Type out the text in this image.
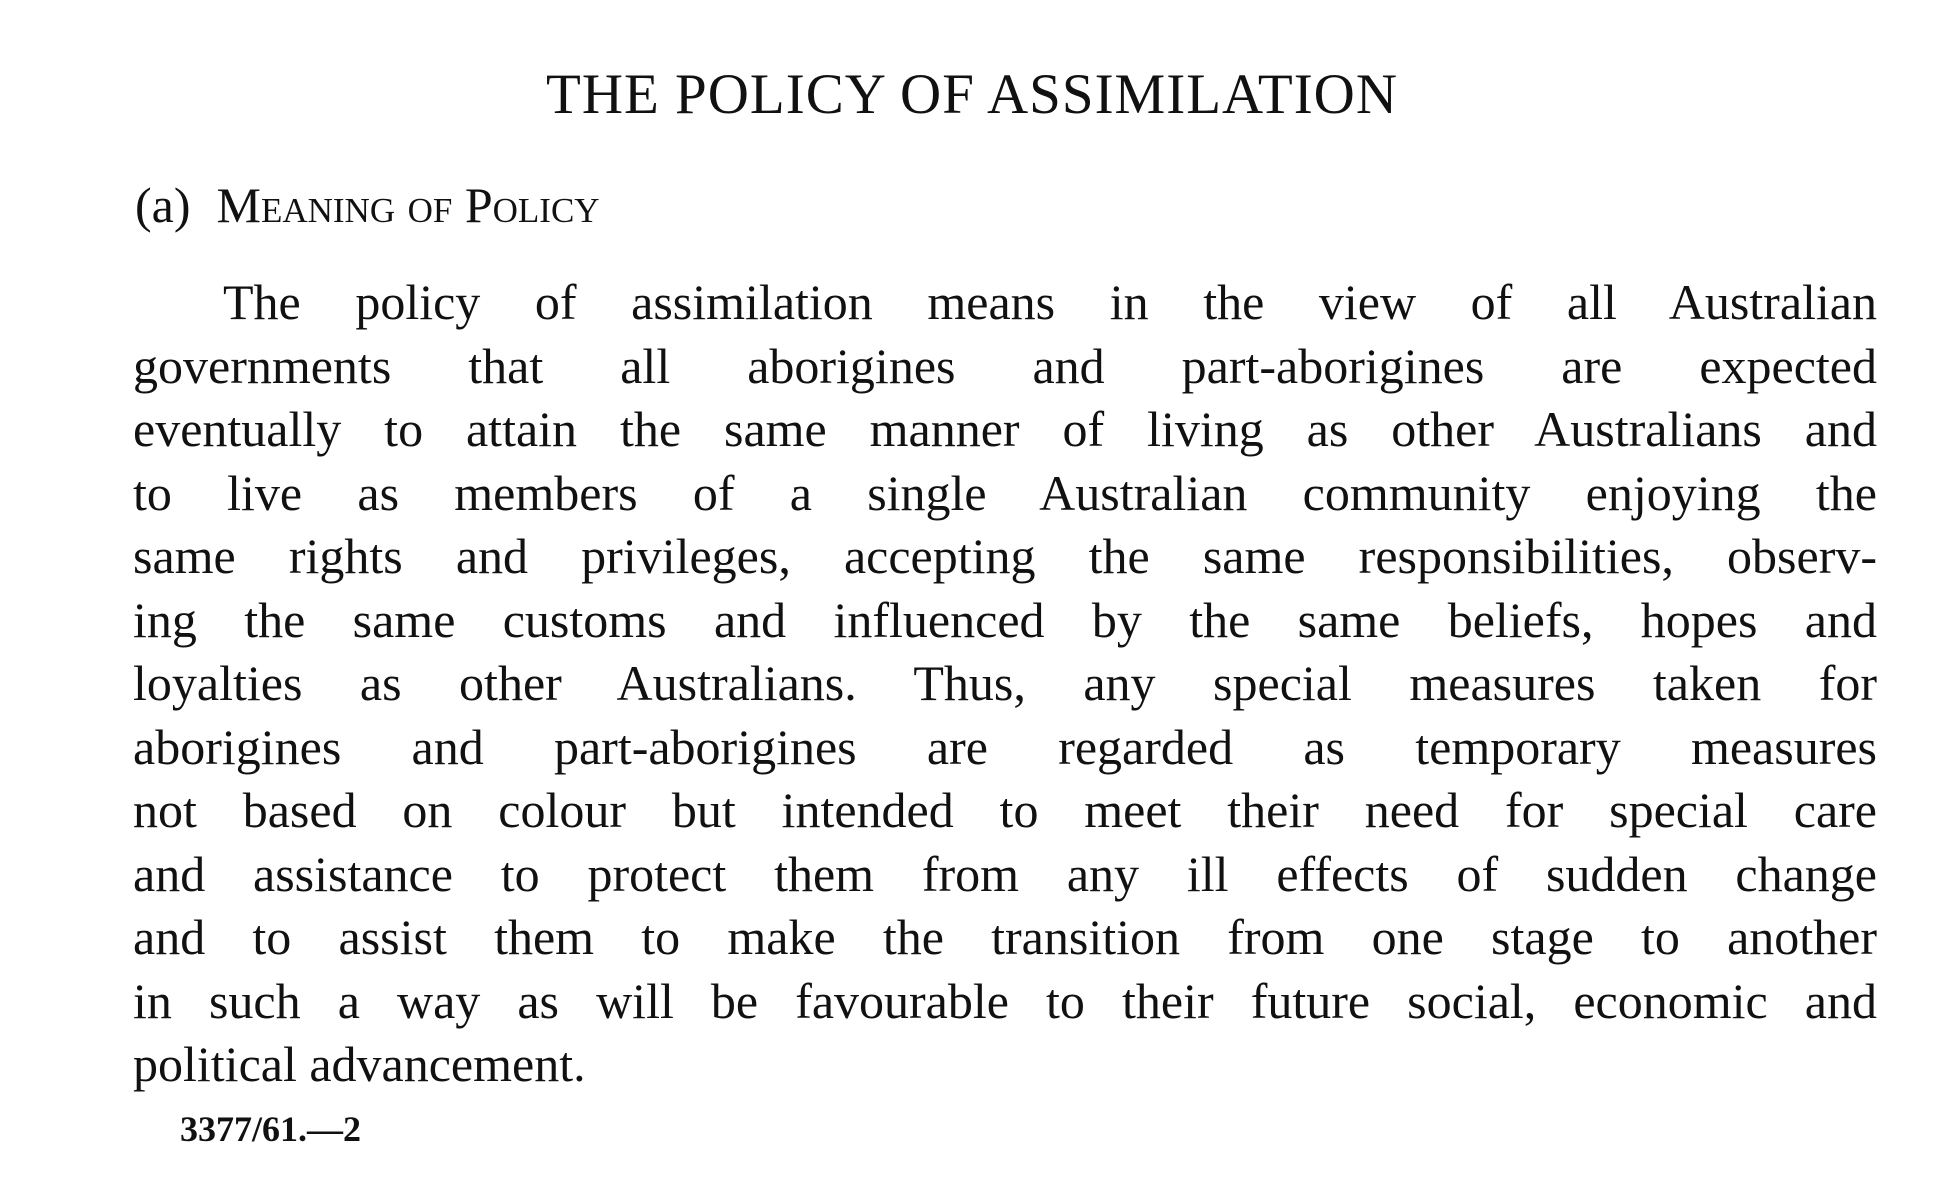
THE POLICY OF ASSIMILATION
(a) Meaning of Policy
The policy of assimilation means in the view of all Australian
governments that all aborigines and part-aborigines are expected
eventually to attain the same manner of living as other Australians and
to live as members of a single Australian community enjoying the
same rights and privileges, accepting the same responsibilities, observ-
ing the same customs and influenced by the same beliefs, hopes and
loyalties as other Australians. Thus, any special measures taken for
aborigines and part-aborigines are regarded as temporary measures
not based on colour but intended to meet their need for special care
and assistance to protect them from any ill effects of sudden change
and to assist them to make the transition from one stage to another
in such a way as will be favourable to their future social, economic and
political advancement.
3377/61.—2
